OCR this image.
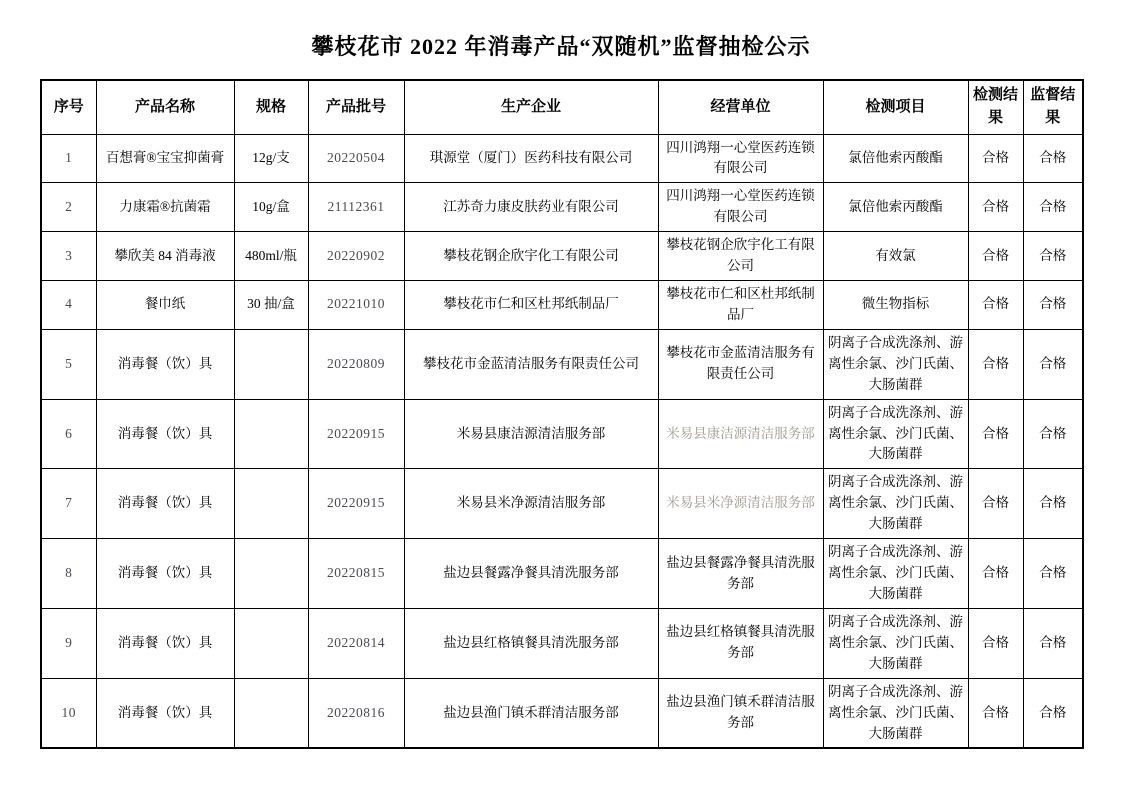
攀枝花市 2022 年消毒产品“双随机”监督抽检公示
序号	产品名称	规格	产品批号	生产企业	经营单位	检测项目	检测结果	监督结果
1	百想膏®宝宝抑菌膏	12g/支	20220504	琪源堂（厦门）医药科技有限公司	四川鸿翔一心堂医药连锁有限公司	氯倍他索丙酸酯	合格	合格
2	力康霜®抗菌霜	10g/盒	21112361	江苏奇力康皮肤药业有限公司	四川鸿翔一心堂医药连锁有限公司	氯倍他索丙酸酯	合格	合格
3	攀欣美 84 消毒液	480ml/瓶	20220902	攀枝花钢企欣宇化工有限公司	攀枝花钢企欣宇化工有限公司	有效氯	合格	合格
4	餐巾纸	30 抽/盒	20221010	攀枝花市仁和区杜邦纸制品厂	攀枝花市仁和区杜邦纸制品厂	微生物指标	合格	合格
5	消毒餐（饮）具		20220809	攀枝花市金蓝清洁服务有限责任公司	攀枝花市金蓝清洁服务有限责任公司	阴离子合成洗涤剂、游离性余氯、沙门氏菌、大肠菌群	合格	合格
6	消毒餐（饮）具		20220915	米易县康洁源清洁服务部	米易县康洁源清洁服务部	阴离子合成洗涤剂、游离性余氯、沙门氏菌、大肠菌群	合格	合格
7	消毒餐（饮）具		20220915	米易县米净源清洁服务部	米易县米净源清洁服务部	阴离子合成洗涤剂、游离性余氯、沙门氏菌、大肠菌群	合格	合格
8	消毒餐（饮）具		20220815	盐边县餐露净餐具清洗服务部	盐边县餐露净餐具清洗服务部	阴离子合成洗涤剂、游离性余氯、沙门氏菌、大肠菌群	合格	合格
9	消毒餐（饮）具		20220814	盐边县红格镇餐具清洗服务部	盐边县红格镇餐具清洗服务部	阴离子合成洗涤剂、游离性余氯、沙门氏菌、大肠菌群	合格	合格
10	消毒餐（饮）具		20220816	盐边县渔门镇禾群清洁服务部	盐边县渔门镇禾群清洁服务部	阴离子合成洗涤剂、游离性余氯、沙门氏菌、大肠菌群	合格	合格
